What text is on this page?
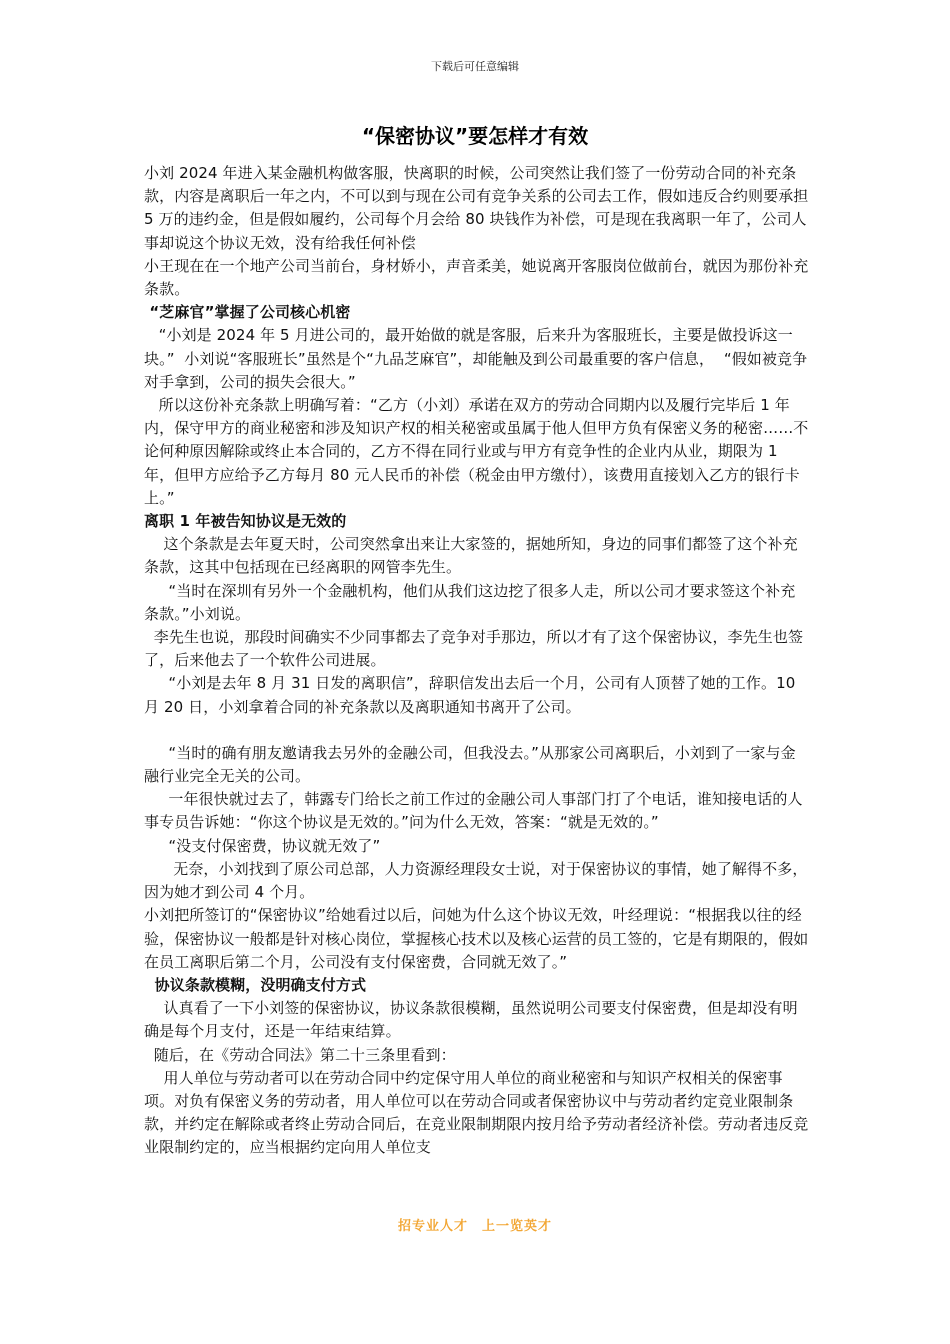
下载后可任意编辑
“保密协议”要怎样才有效

小刘 2024 年进入某金融机构做客服，快离职的时候，公司突然让我们签了一份劳动合同的补充条款，内容是离职后一年之内，不可以到与现在公司有竞争关系的公司去工作，假如违反合约则要承担 5 万的违约金，但是假如履约，公司每个月会给 80 块钱作为补偿，可是现在我离职一年了，公司人事却说这个协议无效，没有给我任何补偿

小王现在在一个地产公司当前台，身材娇小，声音柔美，她说离开客服岗位做前台，就因为那份补充条款。

“芝麻官”掌握了公司核心机密

“小刘是 2024 年 5 月进公司的，最开始做的就是客服，后来升为客服班长，主要是做投诉这一块。”  小刘说“客服班长”虽然是个“九品芝麻官”，却能触及到公司最重要的客户信息，  “假如被竞争对手拿到，公司的损失会很大。”

所以这份补充条款上明确写着：“乙方（小刘）承诺在双方的劳动合同期内以及履行完毕后 1 年内，保守甲方的商业秘密和涉及知识产权的相关秘密或虽属于他人但甲方负有保密义务的秘密……不论何种原因解除或终止本合同的，乙方不得在同行业或与甲方有竞争性的企业内从业，期限为 1 年，但甲方应给予乙方每月 80 元人民币的补偿（税金由甲方缴付），该费用直接划入乙方的银行卡上。”

离职 1 年被告知协议是无效的

这个条款是去年夏天时，公司突然拿出来让大家签的，据她所知，身边的同事们都签了这个补充条款，这其中包括现在已经离职的网管李先生。

“当时在深圳有另外一个金融机构，他们从我们这边挖了很多人走，所以公司才要求签这个补充条款。”小刘说。

李先生也说，那段时间确实不少同事都去了竞争对手那边，所以才有了这个保密协议，李先生也签了，后来他去了一个软件公司进展。

“小刘是去年 8 月 31 日发的离职信”，辞职信发出去后一个月，公司有人顶替了她的工作。10 月 20 日，小刘拿着合同的补充条款以及离职通知书离开了公司。

“当时的确有朋友邀请我去另外的金融公司，但我没去。”从那家公司离职后，小刘到了一家与金融行业完全无关的公司。

一年很快就过去了，韩露专门给长之前工作过的金融公司人事部门打了个电话，谁知接电话的人事专员告诉她：“你这个协议是无效的。”问为什么无效，答案：“就是无效的。”

“没支付保密费，协议就无效了”

无奈，小刘找到了原公司总部，人力资源经理段女士说，对于保密协议的事情，她了解得不多，因为她才到公司 4 个月。

小刘把所签订的“保密协议”给她看过以后，问她为什么这个协议无效，叶经理说：“根据我以往的经验，保密协议一般都是针对核心岗位，掌握核心技术以及核心运营的员工签的，它是有期限的，假如在员工离职后第二个月，公司没有支付保密费，合同就无效了。”

协议条款模糊，没明确支付方式

认真看了一下小刘签的保密协议，协议条款很模糊，虽然说明公司要支付保密费，但是却没有明确是每个月支付，还是一年结束结算。

随后，在《劳动合同法》第二十三条里看到：

用人单位与劳动者可以在劳动合同中约定保守用人单位的商业秘密和与知识产权相关的保密事项。对负有保密义务的劳动者，用人单位可以在劳动合同或者保密协议中与劳动者约定竞业限制条款，并约定在解除或者终止劳动合同后，在竞业限制期限内按月给予劳动者经济补偿。劳动者违反竞业限制约定的，应当根据约定向用人单位支

招专业人才 上一览英才
